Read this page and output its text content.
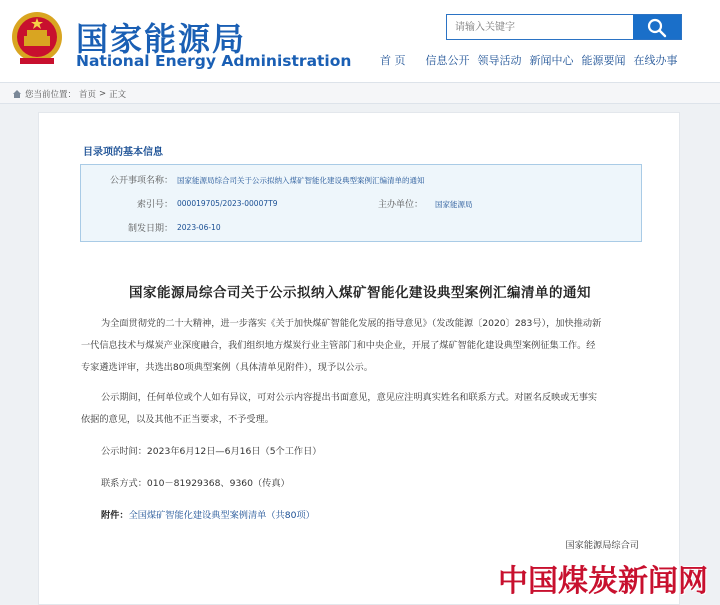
国家能源局
National Energy Administration
请输入关键字	首 页 信息公开 领导活动 新闻中心 能源要闻 在线办事
您当前位置： 首页 > 正文
目录项的基本信息
公开事项名称： 国家能源局综合司关于公示拟纳入煤矿智能化建设典型案例汇编清单的通知
索引号： 000019705/2023-00007T9	主办单位： 国家能源局
制发日期： 2023-06-10
国家能源局综合司关于公示拟纳入煤矿智能化建设典型案例汇编清单的通知
为全面贯彻党的二十大精神，进一步落实《关于加快煤矿智能化发展的指导意见》（发改能源〔2020〕283号），加快推动新
一代信息技术与煤炭产业深度融合，我们组织地方煤炭行业主管部门和中央企业，开展了煤矿智能化建设典型案例征集工作。经
专家遴选评审，共选出80项典型案例（具体清单见附件），现予以公示。
公示期间，任何单位或个人如有异议，可对公示内容提出书面意见，意见应注明真实姓名和联系方式。对匿名反映或无事实
依据的意见，以及其他不正当要求，不予受理。
公示时间：2023年6月12日—6月16日（5个工作日）
联系方式：010－81929368、9360（传真）
附件：全国煤矿智能化建设典型案例清单（共80项）
国家能源局综合司
中国煤炭新闻网
